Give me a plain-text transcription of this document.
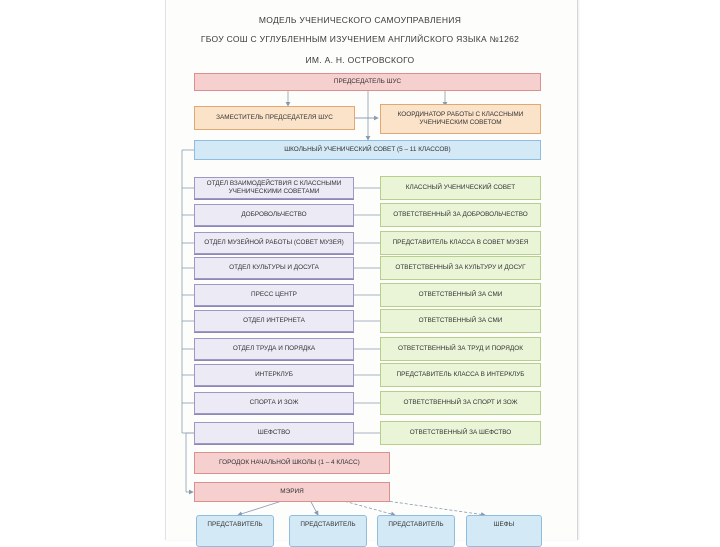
МОДЕЛЬ УЧЕНИЧЕСКОГО САМОУПРАВЛЕНИЯ
ГБОУ СОШ С УГЛУБЛЕННЫМ ИЗУЧЕНИЕМ АНГЛИЙСКОГО ЯЗЫКА №1262
ИМ. А. Н. ОСТРОВСКОГО
ПРЕДСЕДАТЕЛЬ ШУС
ЗАМЕСТИТЕЛЬ ПРЕДСЕДАТЕЛЯ ШУС	КООРДИНАТОР РАБОТЫ С КЛАССНЫМИ УЧЕНИЧЕСКИМ СОВЕТОМ
ШКОЛЬНЫЙ УЧЕНИЧЕСКИЙ СОВЕТ (5 – 11 КЛАССОВ)
ОТДЕЛ ВЗАИМОДЕЙСТВИЯ С КЛАССНЫМИ УЧЕНИЧЕСКИМИ СОВЕТАМИ
ДОБРОВОЛЬЧЕСТВО
ОТДЕЛ МУЗЕЙНОЙ РАБОТЫ (СОВЕТ МУЗЕЯ)
ОТДЕЛ КУЛЬТУРЫ И ДОСУГА
ПРЕСС ЦЕНТР
ОТДЕЛ ИНТЕРНЕТА
ОТДЕЛ ТРУДА И ПОРЯДКА
ИНТЕРКЛУБ
СПОРТА И ЗОЖ
ШЕФСТВО
КЛАССНЫЙ УЧЕНИЧЕСКИЙ СОВЕТ
ОТВЕТСТВЕННЫЙ ЗА ДОБРОВОЛЬЧЕСТВО
ПРЕДСТАВИТЕЛЬ КЛАССА В СОВЕТ МУЗЕЯ
ОТВЕТСТВЕННЫЙ ЗА КУЛЬТУРУ И ДОСУГ
ОТВЕТСТВЕННЫЙ ЗА СМИ
ОТВЕТСТВЕННЫЙ ЗА СМИ
ОТВЕТСТВЕННЫЙ ЗА ТРУД И ПОРЯДОК
ПРЕДСТАВИТЕЛЬ КЛАССА В ИНТЕРКЛУБ
ОТВЕТСТВЕННЫЙ ЗА СПОРТ И ЗОЖ
ОТВЕТСТВЕННЫЙ ЗА ШЕФСТВО
ГОРОДОК НАЧАЛЬНОЙ ШКОЛЫ (1 – 4 КЛАСС)
МЭРИЯ
ПРЕДСТАВИТЕЛЬ	ПРЕДСТАВИТЕЛЬ	ПРЕДСТАВИТЕЛЬ	ШЕФЫ
